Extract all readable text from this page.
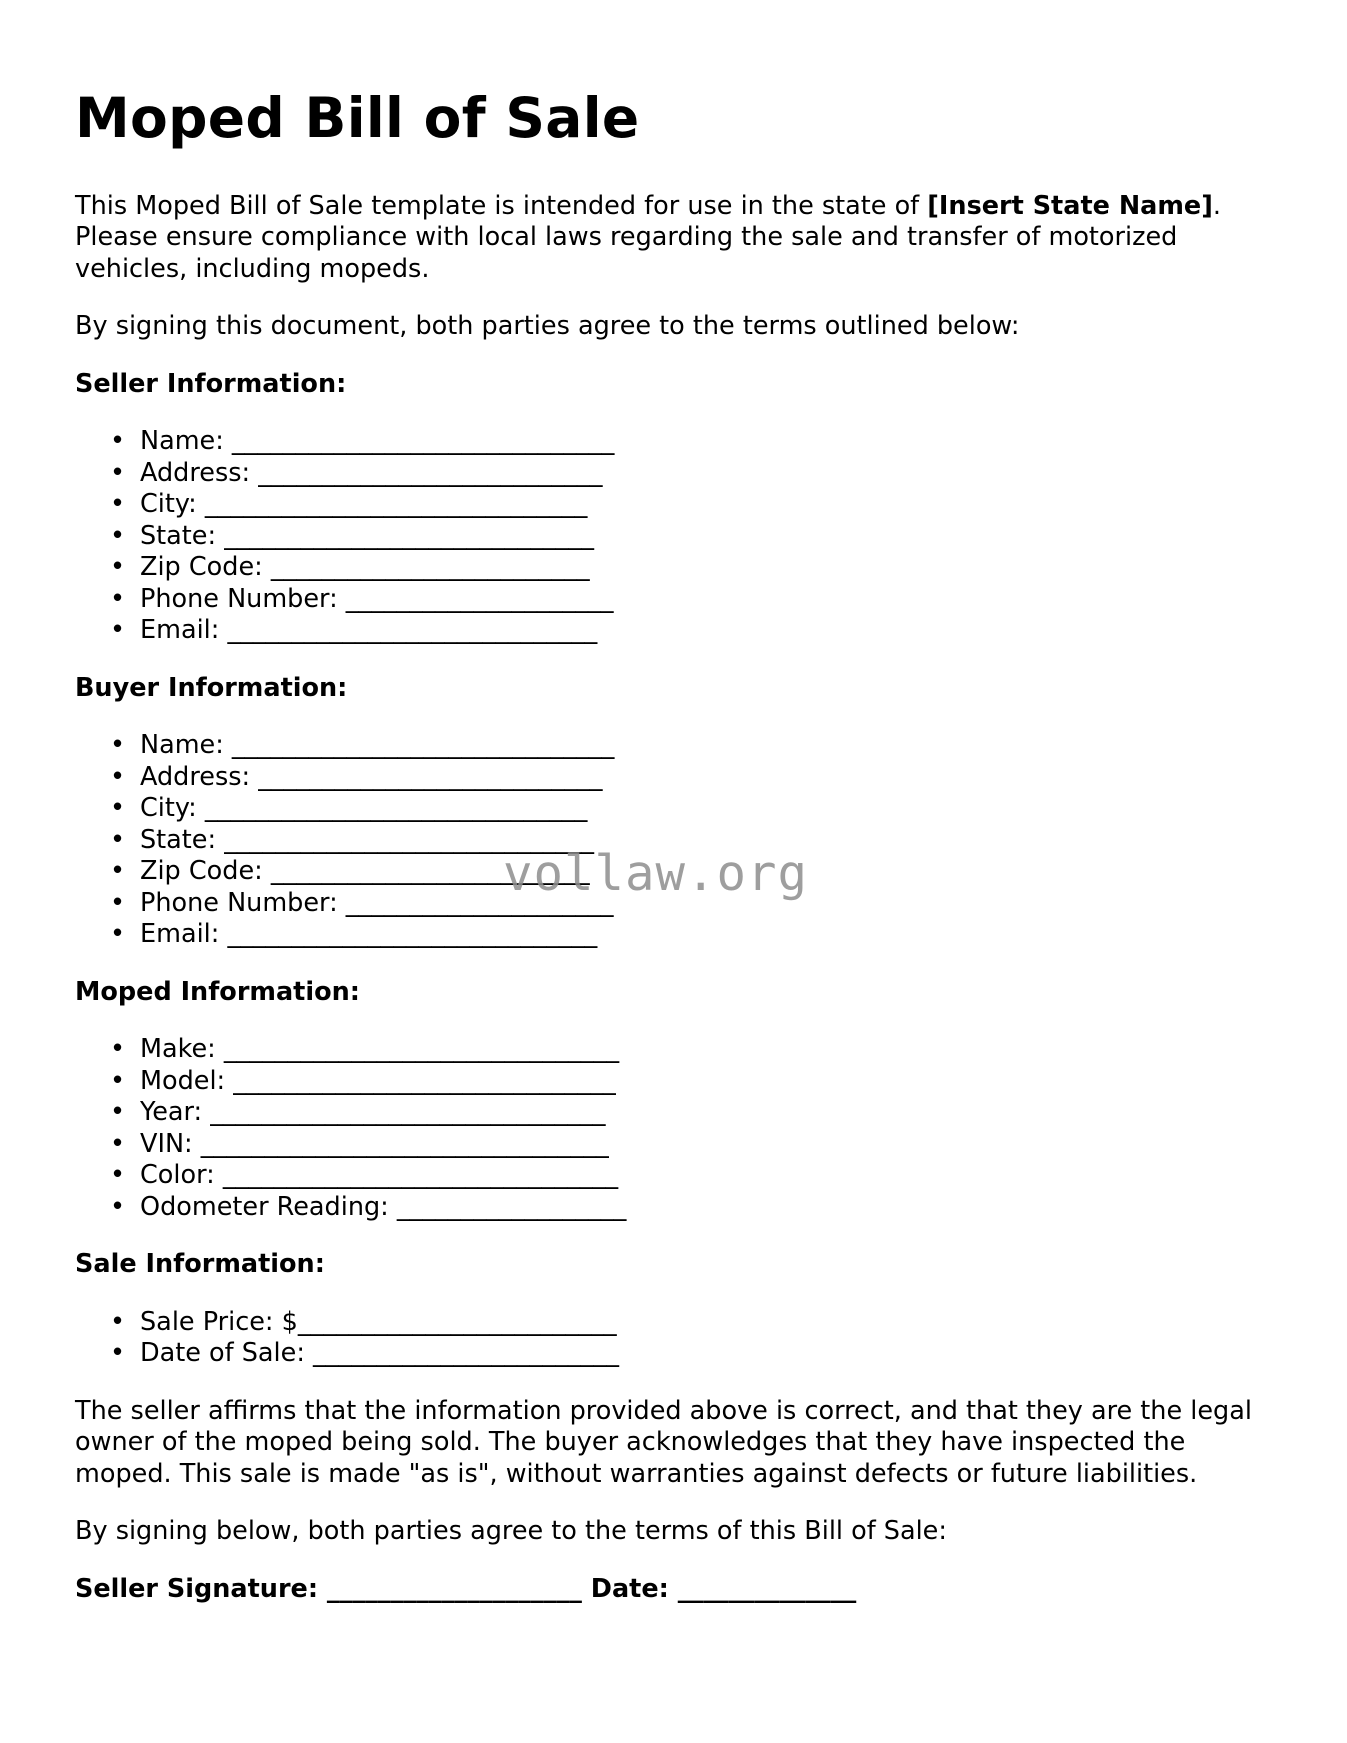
Moped Bill of Sale

This Moped Bill of Sale template is intended for use in the state of [Insert State Name]. Please ensure compliance with local laws regarding the sale and transfer of motorized vehicles, including mopeds.

By signing this document, both parties agree to the terms outlined below:

Seller Information:
• Name: ______________________________
• Address: ___________________________
• City: ______________________________
• State: _____________________________
• Zip Code: _________________________
• Phone Number: _____________________
• Email: _____________________________
Buyer Information:
• Name: ______________________________
• Address: ___________________________
• City: ______________________________
• State: _____________________________
• Zip Code: _________________________
• Phone Number: _____________________
• Email: _____________________________
Moped Information:
• Make: _______________________________
• Model: ______________________________
• Year: _______________________________
• VIN: ________________________________
• Color: _______________________________
• Odometer Reading: __________________
Sale Information:
• Sale Price: $_________________________
• Date of Sale: ________________________

The seller affirms that the information provided above is correct, and that they are the legal owner of the moped being sold. The buyer acknowledges that they have inspected the moped. This sale is made "as is", without warranties against defects or future liabilities.

By signing below, both parties agree to the terms of this Bill of Sale:

Seller Signature: ____________________ Date: ______________
vollaw.org
